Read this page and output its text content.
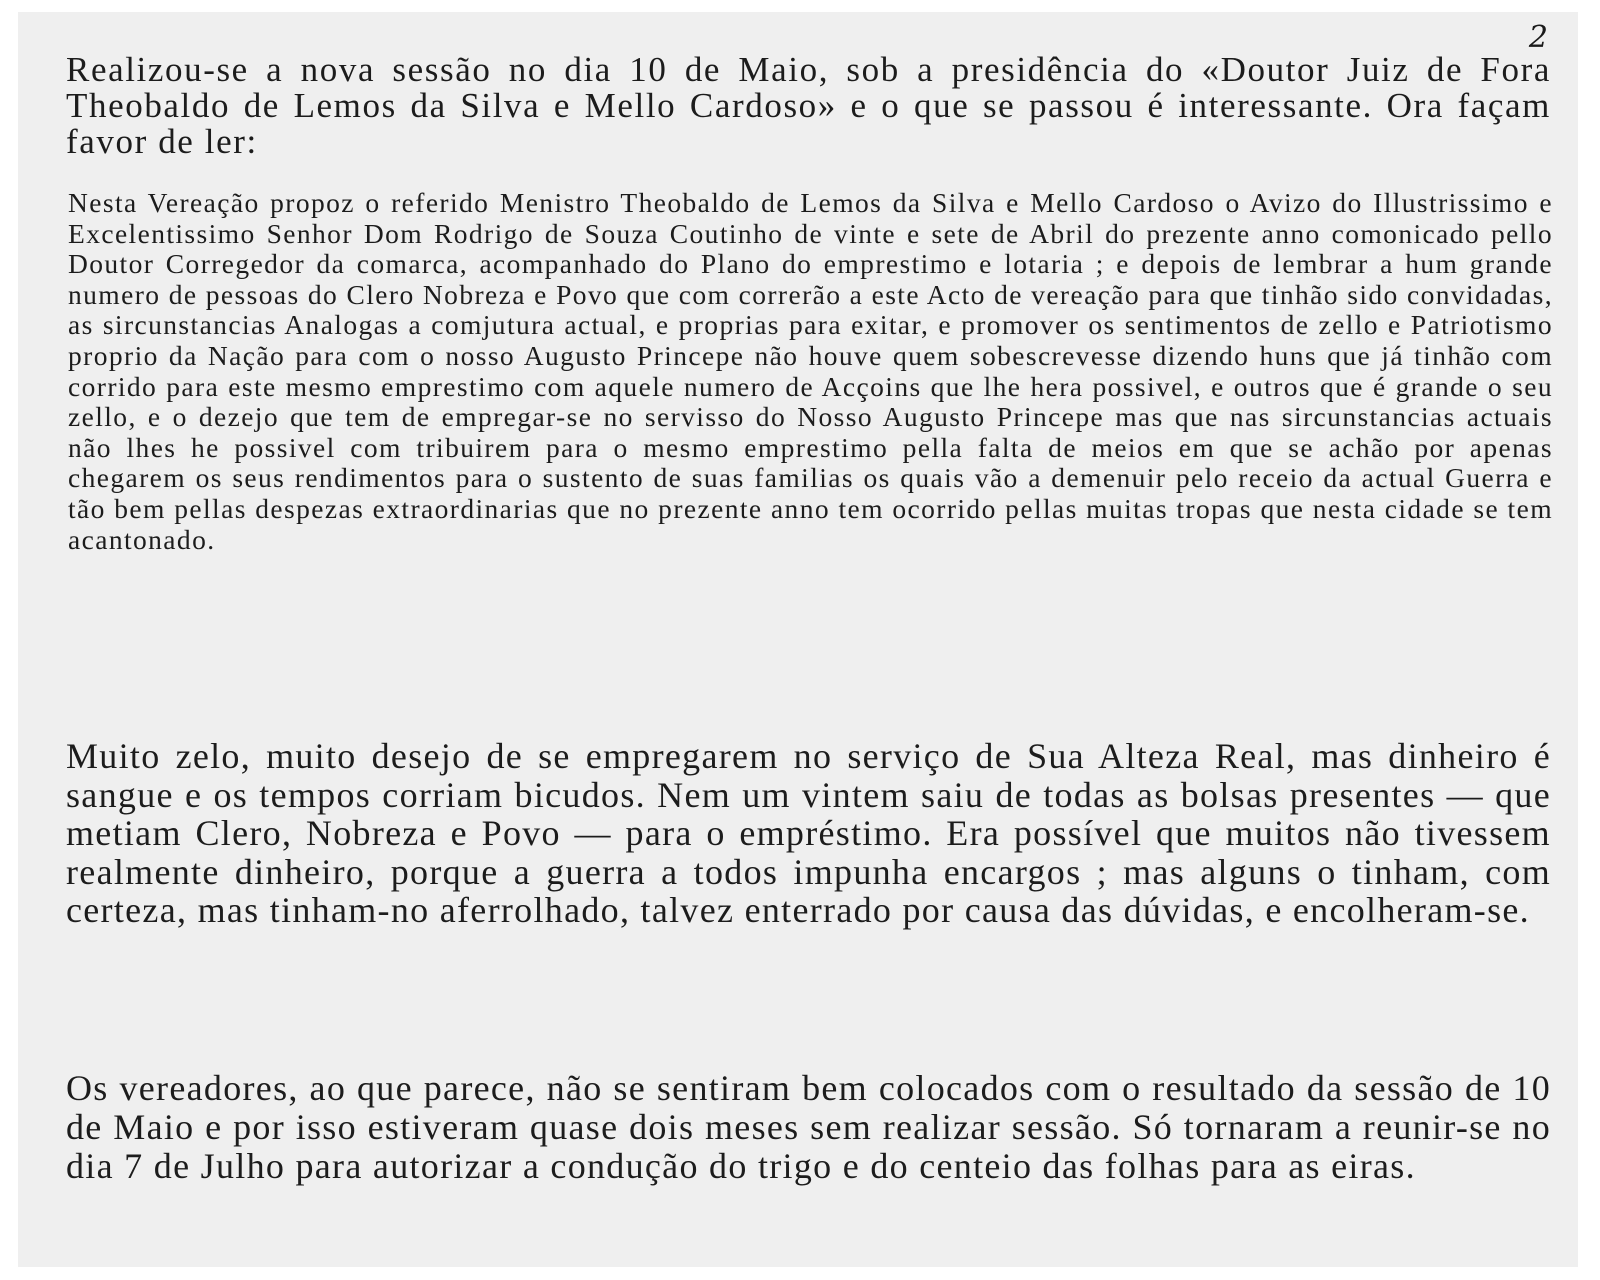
2

Realizou-se a nova sessão no dia 10 de Maio, sob a presidência do «Doutor Juiz de Fora Theobaldo de Lemos da Silva e Mello Cardoso» e o que se passou é interessante. Ora façam favor de ler:

Nesta Vereação propoz o referido Menistro Theobaldo de Lemos da Silva e Mello Cardoso o Avizo do Illustrissimo e Excelentissimo Senhor Dom Rodrigo de Souza Coutinho de vinte e sete de Abril do prezente anno comonicado pello Doutor Corregedor da comarca, acompanhado do Plano do emprestimo e lotaria ; e depois de lembrar a hum grande numero de pessoas do Clero Nobreza e Povo que com correrão a este Acto de vereação para que tinhão sido convidadas, as sircunstancias Analogas a comjutura actual, e proprias para exitar, e promover os sentimentos de zello e Patriotismo proprio da Nação para com o nosso Augusto Princepe não houve quem sobescrevesse dizendo huns que já tinhão com corrido para este mesmo emprestimo com aquele numero de Acçoins que lhe hera possivel, e outros que é grande o seu zello, e o dezejo que tem de empregar-se no servisso do Nosso Augusto Princepe mas que nas sircunstancias actuais não lhes he possivel com tribuirem para o mesmo emprestimo pella falta de meios em que se achão por apenas chegarem os seus rendimentos para o sustento de suas familias os quais vão a demenuir pelo receio da actual Guerra e tão bem pellas despezas extraordinarias que no prezente anno tem ocorrido pellas muitas tropas que nesta cidade se tem acantonado.

Muito zelo, muito desejo de se empregarem no serviço de Sua Alteza Real, mas dinheiro é sangue e os tempos corriam bicudos. Nem um vintem saiu de todas as bolsas presentes — que metiam Clero, Nobreza e Povo — para o empréstimo. Era possível que muitos não tivessem realmente dinheiro, porque a guerra a todos impunha encargos ; mas alguns o tinham, com certeza, mas tinham-no aferrolhado, talvez enterrado por causa das dúvidas, e encolheram-se.

Os vereadores, ao que parece, não se sentiram bem colocados com o resultado da sessão de 10 de Maio e por isso estiveram quase dois meses sem realizar sessão. Só tornaram a reunir-se no dia 7 de Julho para autorizar a condução do trigo e do centeio das folhas para as eiras.
